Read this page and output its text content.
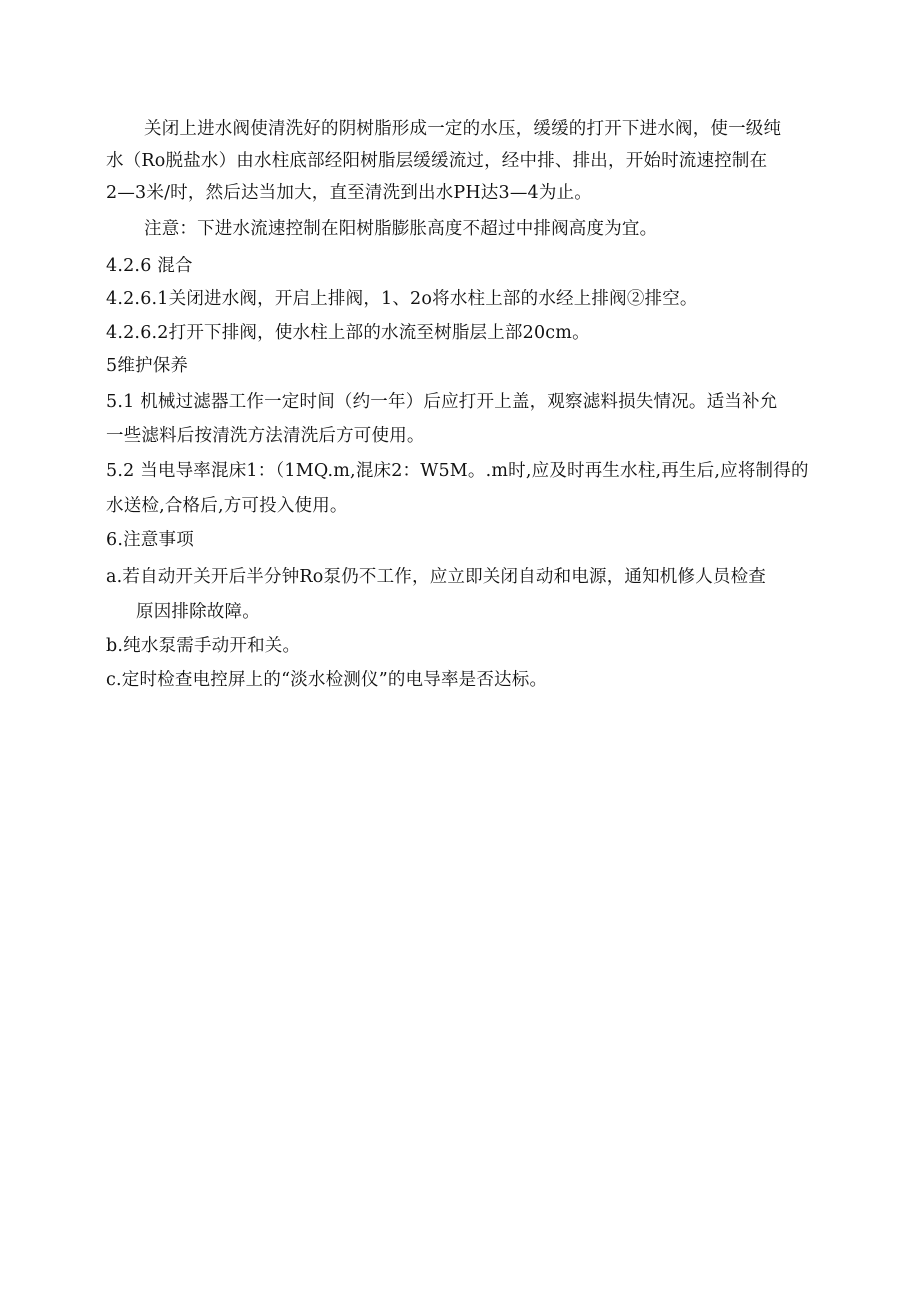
关闭上进水阀使清洗好的阴树脂形成一定的水压，缓缓的打开下进水阀，使一级纯
水（Ro脱盐水）由水柱底部经阳树脂层缓缓流过，经中排、排出，开始时流速控制在
2—3米/时，然后达当加大，直至清洗到出水PH达3—4为止。
注意：下进水流速控制在阳树脂膨胀高度不超过中排阀高度为宜。
4.2.6 混合
4.2.6.1关闭进水阀，开启上排阀，1、2o将水柱上部的水经上排阀②排空。
4.2.6.2打开下排阀，使水柱上部的水流至树脂层上部20cm。
5维护保养
5.1 机械过滤器工作一定时间（约一年）后应打开上盖，观察滤料损失情况。适当补允
一些滤料后按清洗方法清洗后方可使用。
5.2 当电导率混床1：（1MQ.m,混床2：W5M。.m时,应及时再生水柱,再生后,应将制得的
水送检,合格后,方可投入使用。
6.注意事项
a.若自动开关开后半分钟Ro泵仍不工作，应立即关闭自动和电源，通知机修人员检查
原因排除故障。
b.纯水泵需手动开和关。
c.定时检查电控屏上的“淡水检测仪”的电导率是否达标。
